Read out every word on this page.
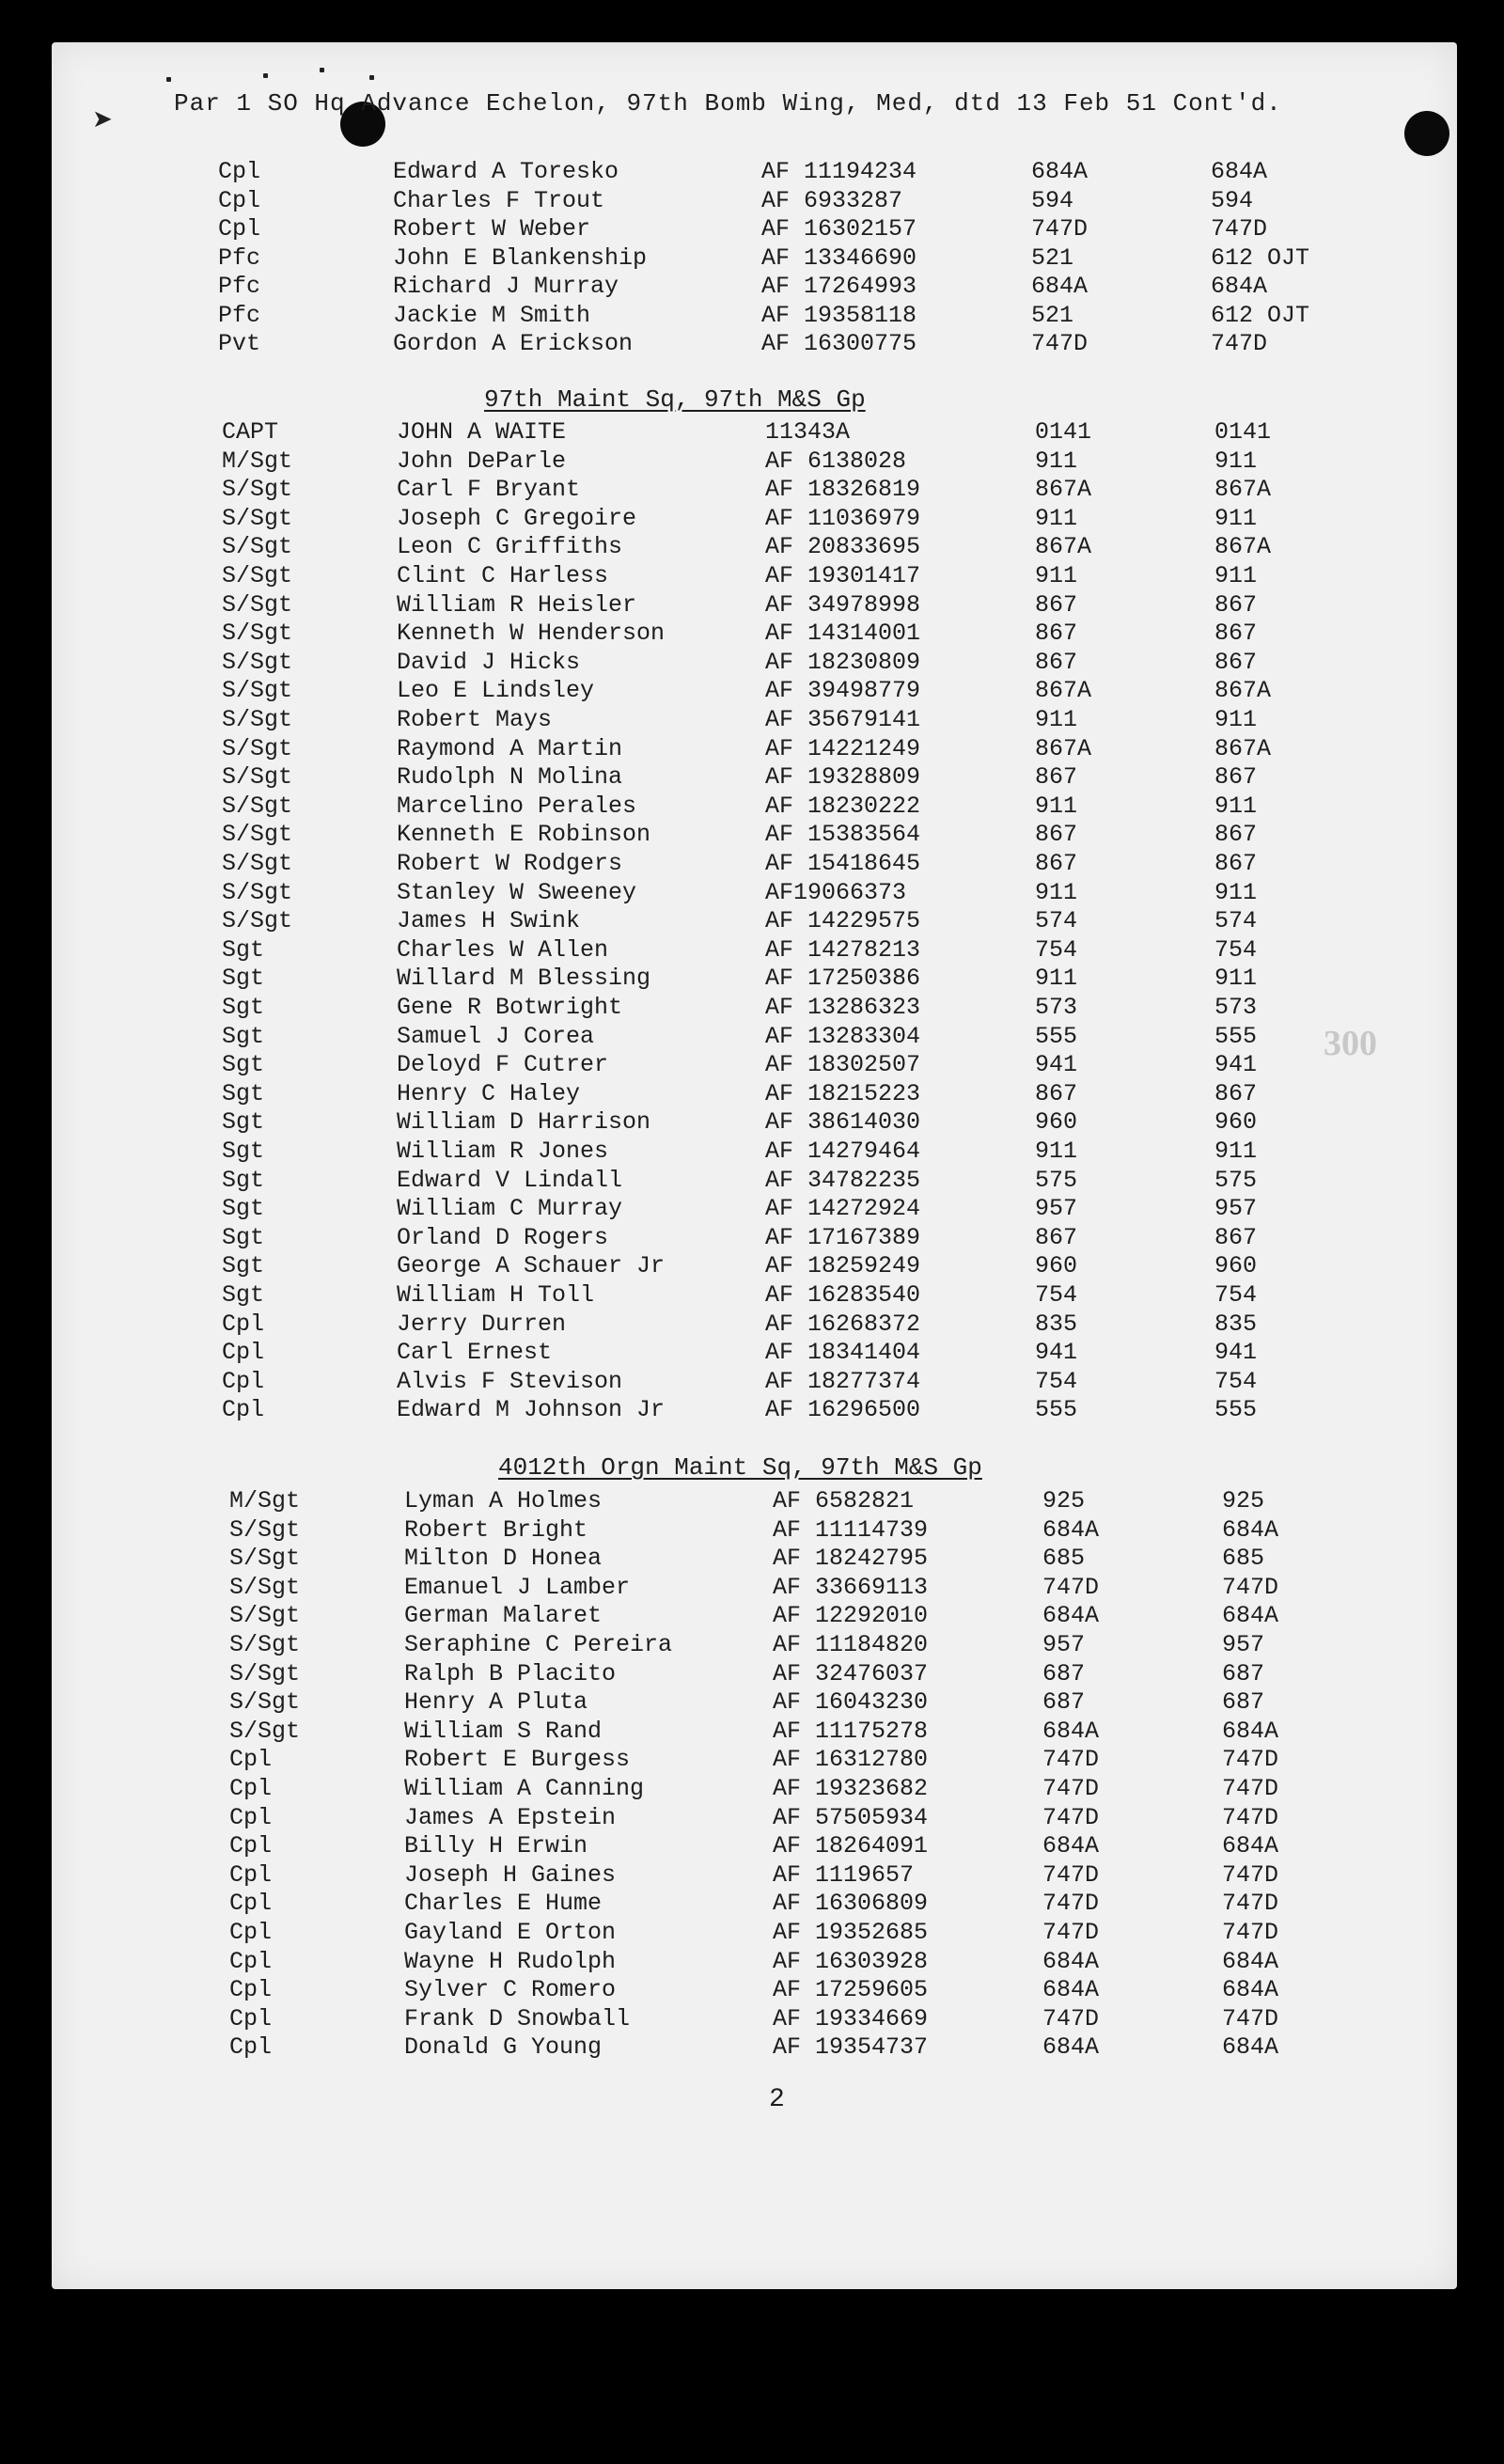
➤
Par 1 SO Hq Advance Echelon, 97th Bomb Wing, Med, dtd 13 Feb 51 Cont'd.
300
Cpl	Edward A Toresko	AF 11194234	684A	684A
Cpl	Charles F Trout	AF 6933287	594	594
Cpl	Robert W Weber	AF 16302157	747D	747D
Pfc	John E Blankenship	AF 13346690	521	612 OJT
Pfc	Richard J Murray	AF 17264993	684A	684A
Pfc	Jackie M Smith	AF 19358118	521	612 OJT
Pvt	Gordon A Erickson	AF 16300775	747D	747D
97th Maint Sq, 97th M&S Gp
CAPT	JOHN A WAITE	11343A	0141	0141
M/Sgt	John DeParle	AF 6138028	911	911
S/Sgt	Carl F Bryant	AF 18326819	867A	867A
S/Sgt	Joseph C Gregoire	AF 11036979	911	911
S/Sgt	Leon C Griffiths	AF 20833695	867A	867A
S/Sgt	Clint C Harless	AF 19301417	911	911
S/Sgt	William R Heisler	AF 34978998	867	867
S/Sgt	Kenneth W Henderson	AF 14314001	867	867
S/Sgt	David J Hicks	AF 18230809	867	867
S/Sgt	Leo E Lindsley	AF 39498779	867A	867A
S/Sgt	Robert Mays	AF 35679141	911	911
S/Sgt	Raymond A Martin	AF 14221249	867A	867A
S/Sgt	Rudolph N Molina	AF 19328809	867	867
S/Sgt	Marcelino Perales	AF 18230222	911	911
S/Sgt	Kenneth E Robinson	AF 15383564	867	867
S/Sgt	Robert W Rodgers	AF 15418645	867	867
S/Sgt	Stanley W Sweeney	AF19066373	911	911
S/Sgt	James H Swink	AF 14229575	574	574
Sgt	Charles W Allen	AF 14278213	754	754
Sgt	Willard M Blessing	AF 17250386	911	911
Sgt	Gene R Botwright	AF 13286323	573	573
Sgt	Samuel J Corea	AF 13283304	555	555
Sgt	Deloyd F Cutrer	AF 18302507	941	941
Sgt	Henry C Haley	AF 18215223	867	867
Sgt	William D Harrison	AF 38614030	960	960
Sgt	William R Jones	AF 14279464	911	911
Sgt	Edward V Lindall	AF 34782235	575	575
Sgt	William C Murray	AF 14272924	957	957
Sgt	Orland D Rogers	AF 17167389	867	867
Sgt	George A Schauer Jr	AF 18259249	960	960
Sgt	William H Toll	AF 16283540	754	754
Cpl	Jerry Durren	AF 16268372	835	835
Cpl	Carl Ernest	AF 18341404	941	941
Cpl	Alvis F Stevison	AF 18277374	754	754
Cpl	Edward M Johnson Jr	AF 16296500	555	555
4012th Orgn Maint Sq, 97th M&S Gp
M/Sgt	Lyman A Holmes	AF 6582821	925	925
S/Sgt	Robert Bright	AF 11114739	684A	684A
S/Sgt	Milton D Honea	AF 18242795	685	685
S/Sgt	Emanuel J Lamber	AF 33669113	747D	747D
S/Sgt	German Malaret	AF 12292010	684A	684A
S/Sgt	Seraphine C Pereira	AF 11184820	957	957
S/Sgt	Ralph B Placito	AF 32476037	687	687
S/Sgt	Henry A Pluta	AF 16043230	687	687
S/Sgt	William S Rand	AF 11175278	684A	684A
Cpl	Robert E Burgess	AF 16312780	747D	747D
Cpl	William A Canning	AF 19323682	747D	747D
Cpl	James A Epstein	AF 57505934	747D	747D
Cpl	Billy H Erwin	AF 18264091	684A	684A
Cpl	Joseph H Gaines	AF 1119657	747D	747D
Cpl	Charles E Hume	AF 16306809	747D	747D
Cpl	Gayland E Orton	AF 19352685	747D	747D
Cpl	Wayne H Rudolph	AF 16303928	684A	684A
Cpl	Sylver C Romero	AF 17259605	684A	684A
Cpl	Frank D Snowball	AF 19334669	747D	747D
Cpl	Donald G Young	AF 19354737	684A	684A
2
